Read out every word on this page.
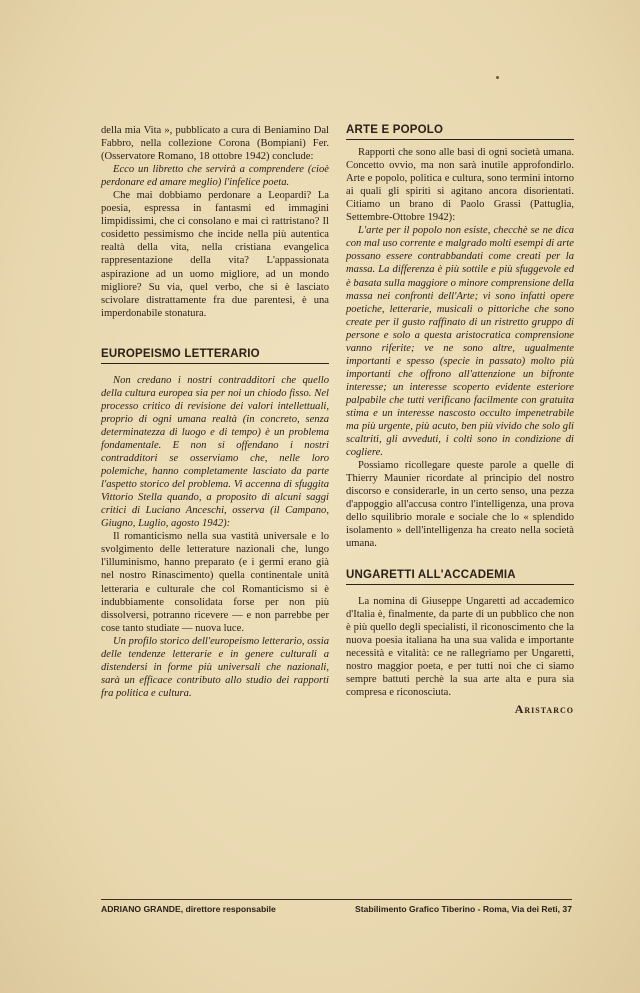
della mia Vita », pubblicato a cura di Beniamino Dal Fabbro, nella collezione Corona (Bompiani) Fer. (Osservatore Romano, 18 ottobre 1942) conclude:

Ecco un libretto che servirà a comprendere (cioè perdonare ed amare meglio) l'infelice poeta.

Che mai dobbiamo perdonare a Leopardi? La poesia, espressa in fantasmi ed immagini limpidissimi, che ci consolano e mai ci rattristano? Il cosidetto pessimismo che incide nella più autentica realtà della vita, nella cristiana evangelica rappresentazione della vita? L'appassionata aspirazione ad un uomo migliore, ad un mondo migliore? Su via, quel verbo, che si è lasciato scivolare distrattamente fra due parentesi, è una imperdonabile stonatura.

EUROPEISMO LETTERARIO

Non credano i nostri contradditori che quello della cultura europea sia per noi un chiodo fisso. Nel processo critico di revisione dei valori intellettuali, proprio di ogni umana realtà (in concreto, senza determinatezza di luogo e di tempo) è un problema fondamentale. E non si offendano i nostri contradditori se osserviamo che, nelle loro polemiche, hanno completamente lasciato da parte l'aspetto storico del problema. Vi accenna di sfuggita Vittorio Stella quando, a proposito di alcuni saggi critici di Luciano Anceschi, osserva (il Campano, Giugno, Luglio, agosto 1942):

Il romanticismo nella sua vastità universale e lo svolgimento delle letterature nazionali che, lungo l'illuminismo, hanno preparato (e i germi erano già nel nostro Rinascimento) quella continentale unità letteraria e culturale che col Romanticismo si è indubbiamente consolidata forse per non più dissolversi, potranno ricevere — e non parrebbe per cose tanto studiate — nuova luce.

Un profilo storico dell'europeismo letterario, ossia delle tendenze letterarie e in genere culturali a distendersi in forme più universali che nazionali, sarà un efficace contributo allo studio dei rapporti fra politica e cultura.

ARTE E POPOLO

Rapporti che sono alle basi di ogni società umana. Concetto ovvio, ma non sarà inutile approfondirlo. Arte e popolo, politica e cultura, sono termini intorno ai quali gli spiriti si agitano ancora disorientati. Citiamo un brano di Paolo Grassi (Pattuglia, Settembre-Ottobre 1942):

L'arte per il popolo non esiste, checchè se ne dica con mal uso corrente e malgrado molti esempi di arte possano essere contrabbandati come creati per la massa. La differenza è più sottile e più sfuggevole ed è basata sulla maggiore o minore comprensione della massa nei confronti dell'Arte; vi sono infatti opere poetiche, letterarie, musicali o pittoriche che sono create per il gusto raffinato di un ristretto gruppo di persone e solo a questa aristocratica comprensione vanno riferite; ve ne sono altre, ugualmente importanti e spesso (specie in passato) molto più importanti che offrono all'attenzione un bifronte interesse; un interesse scoperto evidente esteriore palpabile che tutti verificano facilmente con gratuita stima e un interesse nascosto occulto impenetrabile ma più urgente, più acuto, ben più vivido che solo gli scaltriti, gli avveduti, i colti sono in condizione di cogliere.

Possiamo ricollegare queste parole a quelle di Thierry Maunier ricordate al principio del nostro discorso e considerarle, in un certo senso, una pezza d'appoggio all'accusa contro l'intelligenza, una prova dello squilibrio morale e sociale che lo « splendido isolamento » dell'intelligenza ha creato nella società umana.

UNGARETTI ALL'ACCADEMIA

La nomina di Giuseppe Ungaretti ad accademico d'Italia è, finalmente, da parte di un pubblico che non è più quello degli specialisti, il riconoscimento che la nuova poesia italiana ha una sua valida e importante necessità e vitalità: ce ne rallegriamo per Ungaretti, nostro maggior poeta, e per tutti noi che ci siamo sempre battuti perchè la sua arte alta e pura sia compresa e riconosciuta.

Aristarco
ADRIANO GRANDE, direttore responsabile	Stabilimento Grafico Tiberino - Roma, Via dei Reti, 37
